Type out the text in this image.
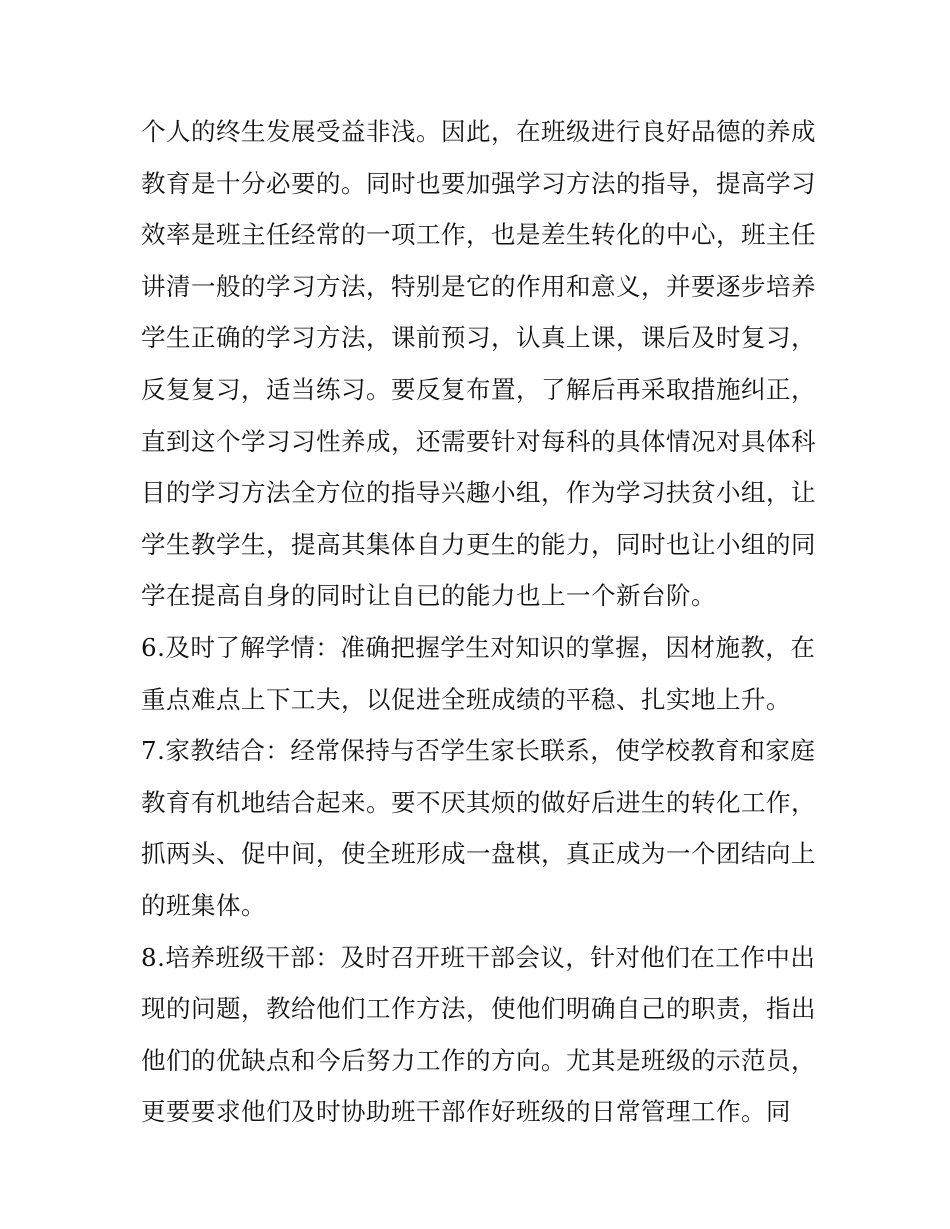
个人的终生发展受益非浅。因此，在班级进行良好品德的养成
教育是十分必要的。同时也要加强学习方法的指导，提高学习
效率是班主任经常的一项工作，也是差生转化的中心，班主任
讲清一般的学习方法，特别是它的作用和意义，并要逐步培养
学生正确的学习方法，课前预习，认真上课，课后及时复习，
反复复习，适当练习。要反复布置，了解后再采取措施纠正，
直到这个学习习性养成，还需要针对每科的具体情况对具体科
目的学习方法全方位的指导兴趣小组，作为学习扶贫小组，让
学生教学生，提高其集体自力更生的能力，同时也让小组的同
学在提高自身的同时让自已的能力也上一个新台阶。
6.及时了解学情：准确把握学生对知识的掌握，因材施教，在
重点难点上下工夫，以促进全班成绩的平稳、扎实地上升。
7.家教结合：经常保持与否学生家长联系，使学校教育和家庭
教育有机地结合起来。要不厌其烦的做好后进生的转化工作，
抓两头、促中间，使全班形成一盘棋，真正成为一个团结向上
的班集体。
8.培养班级干部：及时召开班干部会议，针对他们在工作中出
现的问题，教给他们工作方法，使他们明确自己的职责，指出
他们的优缺点和今后努力工作的方向。尤其是班级的示范员，
更要要求他们及时协助班干部作好班级的日常管理工作。同
